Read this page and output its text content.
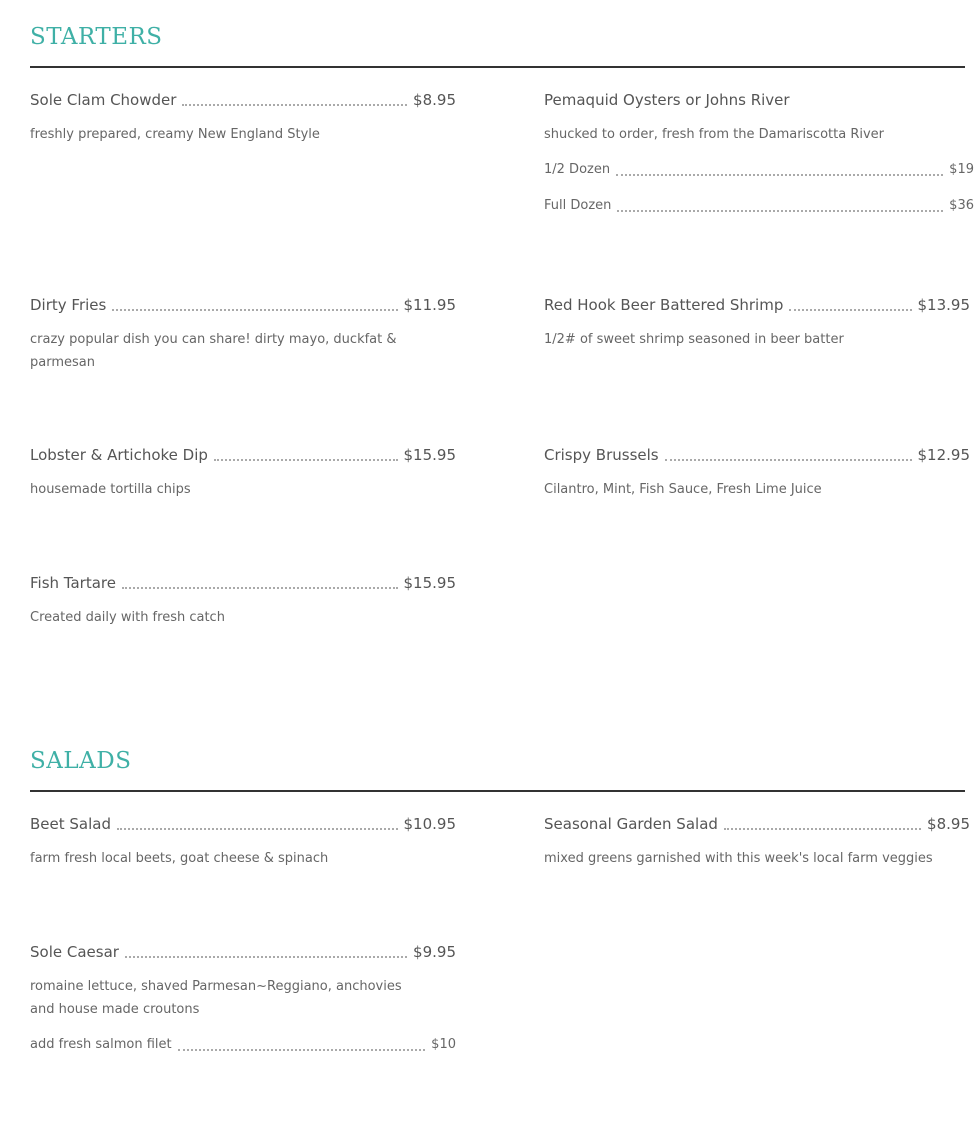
STARTERS
Sole Clam Chowder	$8.95
freshly prepared, creamy New England Style
Pemaquid Oysters or Johns River
shucked to order, fresh from the Damariscotta River
1/2 Dozen	$19
Full Dozen	$36
Dirty Fries	$11.95
crazy popular dish you can share! dirty mayo, duckfat & parmesan
Red Hook Beer Battered Shrimp	$13.95
1/2# of sweet shrimp seasoned in beer batter
Lobster & Artichoke Dip	$15.95
housemade tortilla chips
Crispy Brussels	$12.95
Cilantro, Mint, Fish Sauce, Fresh Lime Juice
Fish Tartare	$15.95
Created daily with fresh catch
SALADS
Beet Salad	$10.95
farm fresh local beets, goat cheese & spinach
Seasonal Garden Salad	$8.95
mixed greens garnished with this week's local farm veggies
Sole Caesar	$9.95
romaine lettuce, shaved Parmesan~Reggiano, anchovies and house made croutons
add fresh salmon filet	$10
